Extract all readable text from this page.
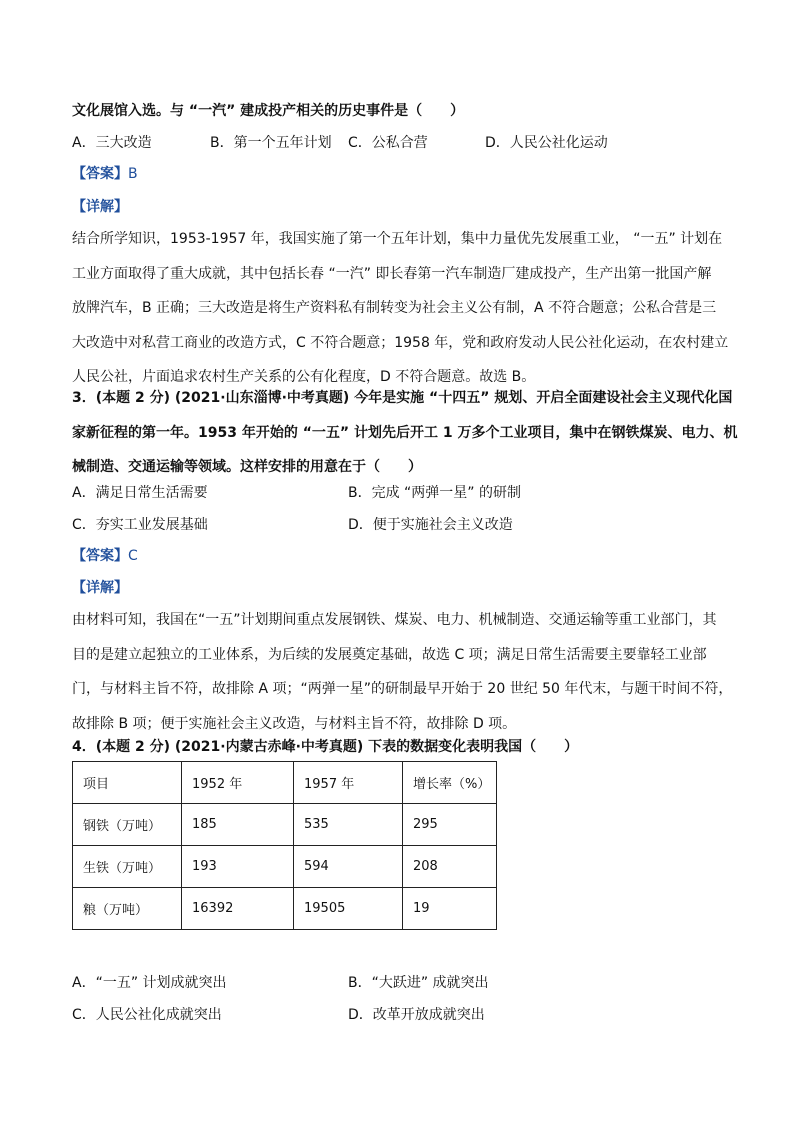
文化展馆入选。与 “一汽” 建成投产相关的历史事件是（　　）
A．三大改造	B．第一个五年计划 C．公私合营	D．人民公社化运动
【答案】B
【详解】
结合所学知识，1953-1957 年，我国实施了第一个五年计划，集中力量优先发展重工业， “一五” 计划在
工业方面取得了重大成就，其中包括长春 “一汽” 即长春第一汽车制造厂建成投产，生产出第一批国产解
放牌汽车，B 正确；三大改造是将生产资料私有制转变为社会主义公有制，A 不符合题意；公私合营是三
大改造中对私营工商业的改造方式，C 不符合题意；1958 年，党和政府发动人民公社化运动，在农村建立
人民公社，片面追求农村生产关系的公有化程度，D 不符合题意。故选 B。
3．(本题 2 分) (2021·山东淄博·中考真题) 今年是实施 “十四五” 规划、开启全面建设社会主义现代化国
家新征程的第一年。1953 年开始的 “一五” 计划先后开工 1 万多个工业项目，集中在钢铁煤炭、电力、机
械制造、交通运输等领域。这样安排的用意在于（　　）
A．满足日常生活需要	B．完成 “两弹一星” 的研制
C．夯实工业发展基础	D．便于实施社会主义改造
【答案】C
【详解】
由材料可知，我国在“一五”计划期间重点发展钢铁、煤炭、电力、机械制造、交通运输等重工业部门，其
目的是建立起独立的工业体系，为后续的发展奠定基础，故选 C 项；满足日常生活需要主要靠轻工业部
门，与材料主旨不符，故排除 A 项；“两弹一星”的研制最早开始于 20 世纪 50 年代末，与题干时间不符，
故排除 B 项；便于实施社会主义改造，与材料主旨不符，故排除 D 项。
4．(本题 2 分) (2021·内蒙古赤峰·中考真题) 下表的数据变化表明我国（　　）
项目	1952 年	1957 年	增长率（%）
钢铁（万吨）	185	535	295
生铁（万吨）	193	594	208
粮（万吨）	16392	19505	19
A．“一五” 计划成就突出	B．“大跃进” 成就突出
C．人民公社化成就突出	D．改革开放成就突出
